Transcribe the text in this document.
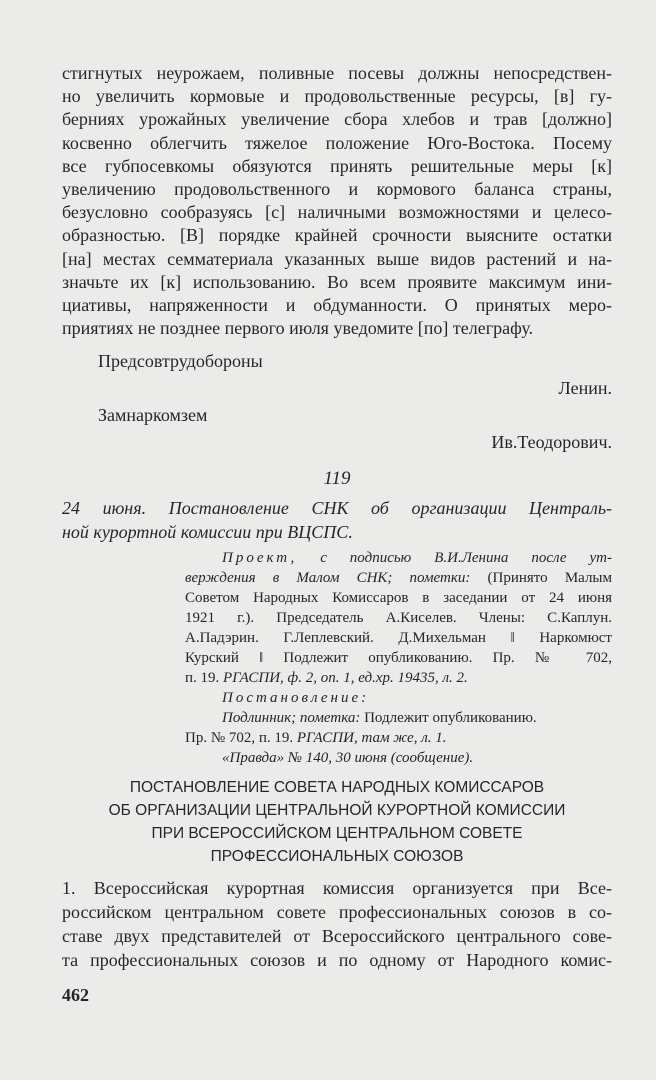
стигнутых неурожаем, поливные посевы должны непосредствен-
но увеличить кормовые и продовольственные ресурсы, [в] гу-
берниях урожайных увеличение сбора хлебов и трав [должно]
косвенно облегчить тяжелое положение Юго-Востока. Посему
все губпосевкомы обязуются принять решительные меры [к]
увеличению продовольственного и кормового баланса страны,
безусловно сообразуясь [с] наличными возможностями и целесо-
образностью. [В] порядке крайней срочности выясните остатки
[на] местах семматериала указанных выше видов растений и на-
значьте их [к] использованию. Во всем проявите максимум ини-
циативы, напряженности и обдуманности. О принятых меро-
приятиях не позднее первого июля уведомите [по] телеграфу.
Предсовтрудобороны
Ленин.
Замнаркомзем
Ив.Теодорович.
119
24 июня. Постановление СНК об организации Централь-
ной курортной комиссии при ВЦСПС.
Проект, с подписью В.И.Ленина после ут-
верждения в Малом СНК; пометки: (Принято Малым
Советом Народных Комиссаров в заседании от 24 июня
1921 г.). Председатель А.Киселев. Члены: С.Каплун.
А.Падэрин. Г.Леплевский. Д.Михельман ‖ Наркомюст
Курский ‖ Подлежит опубликованию. Пр. № 702,
п. 19. РГАСПИ, ф. 2, оп. 1, ед.хр. 19435, л. 2.
Постановление:
Подлинник; пометка: Подлежит опубликованию.
Пр. № 702, п. 19. РГАСПИ, там же, л. 1.
«Правда» № 140, 30 июня (сообщение).
ПОСТАНОВЛЕНИЕ СОВЕТА НАРОДНЫХ КОМИССАРОВ
ОБ ОРГАНИЗАЦИИ ЦЕНТРАЛЬНОЙ КУРОРТНОЙ КОМИССИИ
ПРИ ВСЕРОССИЙСКОМ ЦЕНТРАЛЬНОМ СОВЕТЕ
ПРОФЕССИОНАЛЬНЫХ СОЮЗОВ
1. Всероссийская курортная комиссия организуется при Все-
российском центральном совете профессиональных союзов в со-
ставе двух представителей от Всероссийского центрального сове-
та профессиональных союзов и по одному от Народного комис-
462
